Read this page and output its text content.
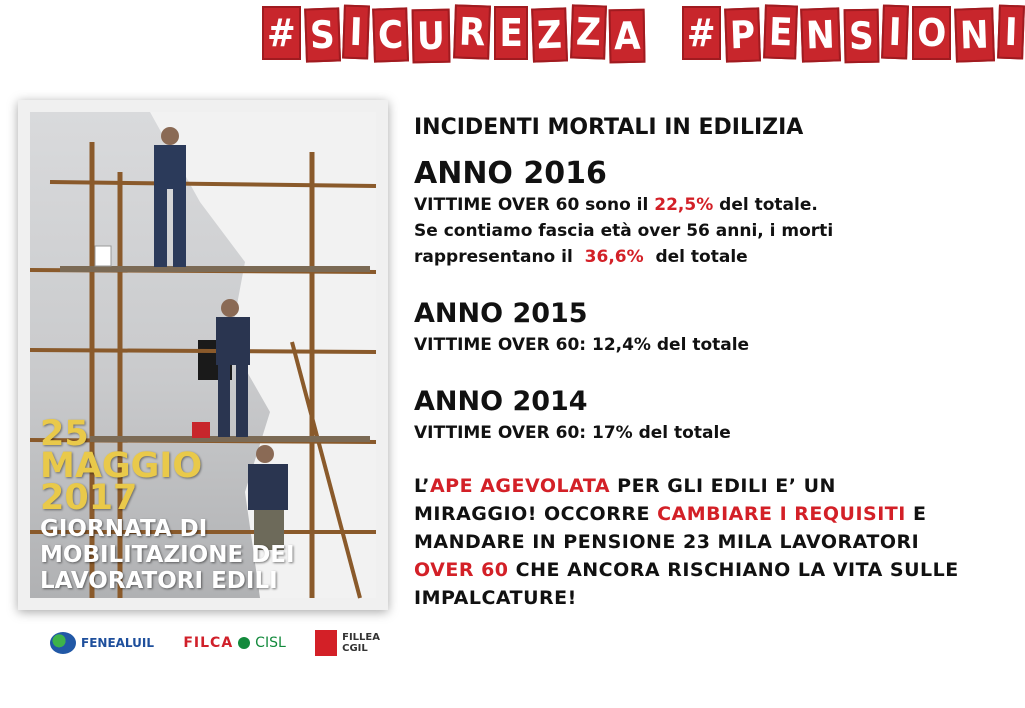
# S I C U R E Z Z A # P E N S I O N I
25
MAGGIO
2017
GIORNATA DI
MOBILITAZIONE DEI
LAVORATORI EDILI
FENEALUIL FILCA CISL	FILLEA
CGIL
INCIDENTI MORTALI IN EDILIZIA
ANNO 2016
VITTIME OVER 60 sono il 22,5% del totale.
Se contiamo fascia età over 56 anni, i morti
rappresentano il  36,6%  del totale
ANNO 2015
VITTIME OVER 60: 12,4% del totale
ANNO 2014
VITTIME OVER 60: 17% del totale
L’APE AGEVOLATA PER GLI EDILI E’ UN MIRAGGIO! OCCORRE CAMBIARE I REQUISITI E MANDARE IN PENSIONE 23 MILA LAVORATORI OVER 60 CHE ANCORA RISCHIANO LA VITA SULLE IMPALCATURE!
